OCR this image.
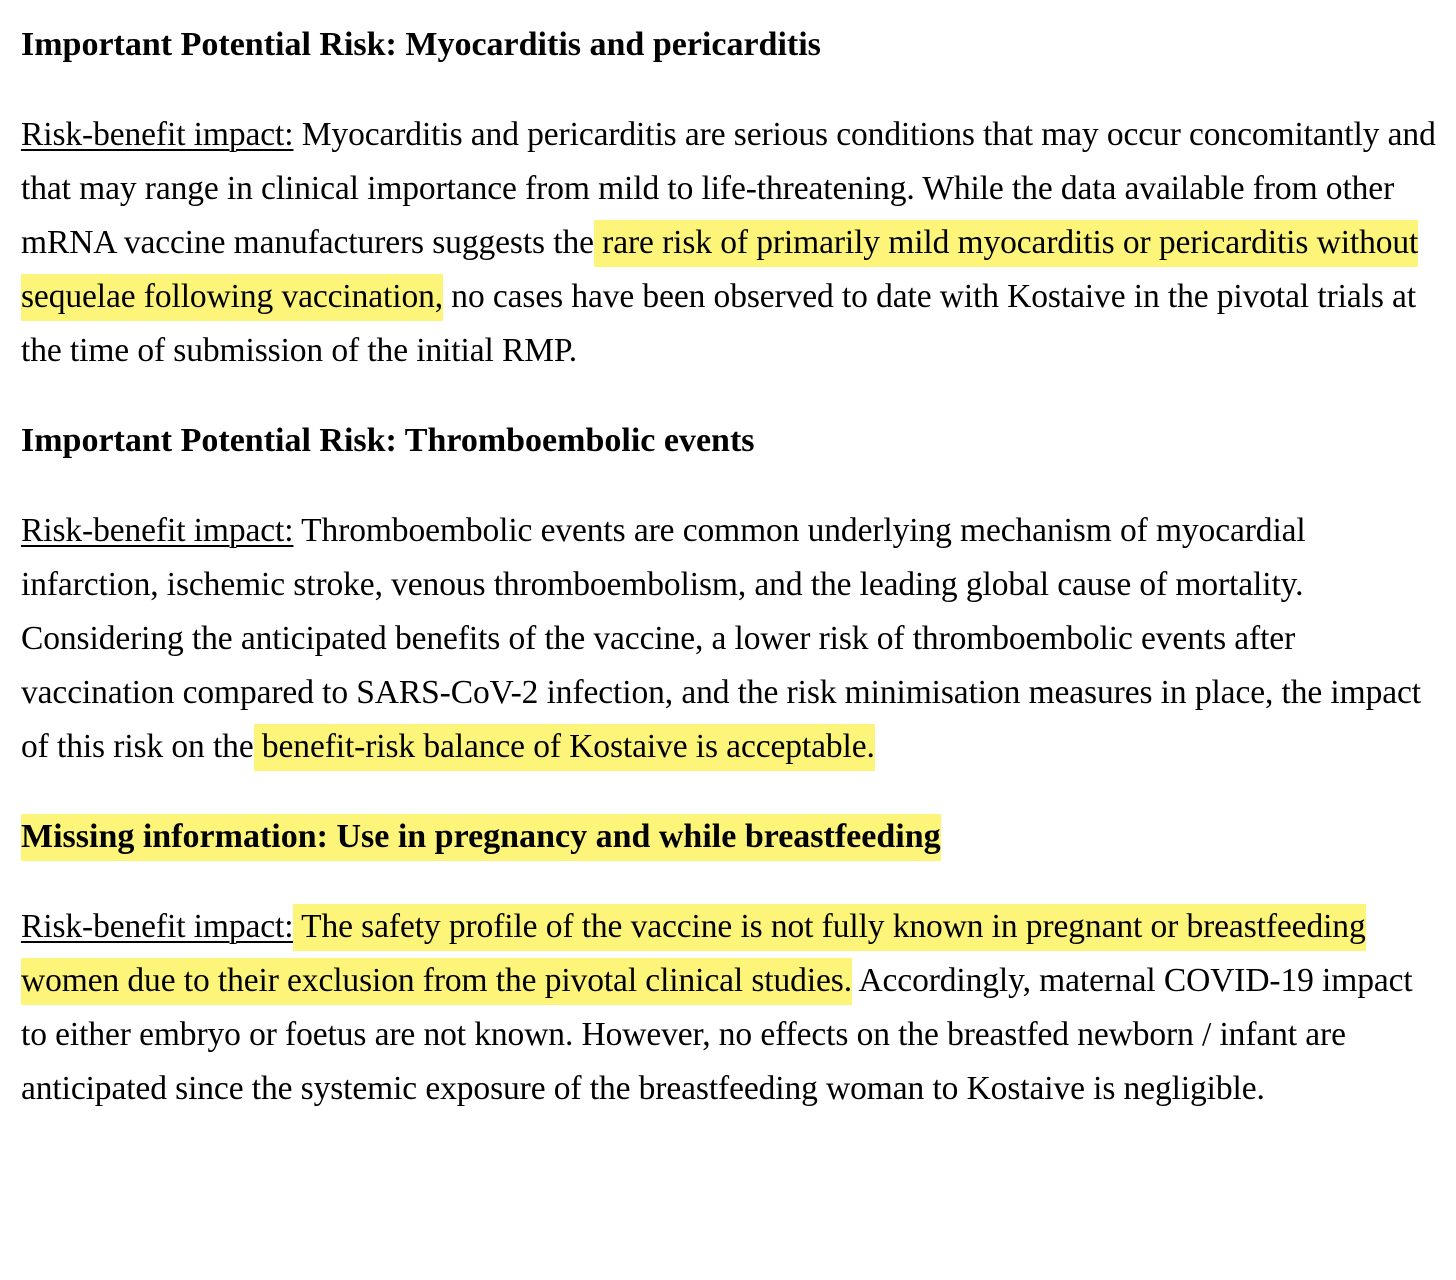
Important Potential Risk: Myocarditis and pericarditis

Risk-benefit impact: Myocarditis and pericarditis are serious conditions that may occur concomitantly and that may range in clinical importance from mild to life-threatening. While the data available from other mRNA vaccine manufacturers suggests the rare risk of primarily mild myocarditis or pericarditis without sequelae following vaccination, no cases have been observed to date with Kostaive in the pivotal trials at the time of submission of the initial RMP.

Important Potential Risk: Thromboembolic events

Risk-benefit impact: Thromboembolic events are common underlying mechanism of myocardial infarction, ischemic stroke, venous thromboembolism, and the leading global cause of mortality. Considering the anticipated benefits of the vaccine, a lower risk of thromboembolic events after vaccination compared to SARS-CoV-2 infection, and the risk minimisation measures in place, the impact of this risk on the benefit-risk balance of Kostaive is acceptable.

Missing information: Use in pregnancy and while breastfeeding

Risk-benefit impact: The safety profile of the vaccine is not fully known in pregnant or breastfeeding women due to their exclusion from the pivotal clinical studies. Accordingly, maternal COVID-19 impact to either embryo or foetus are not known. However, no effects on the breastfed newborn / infant are anticipated since the systemic exposure of the breastfeeding woman to Kostaive is negligible.
